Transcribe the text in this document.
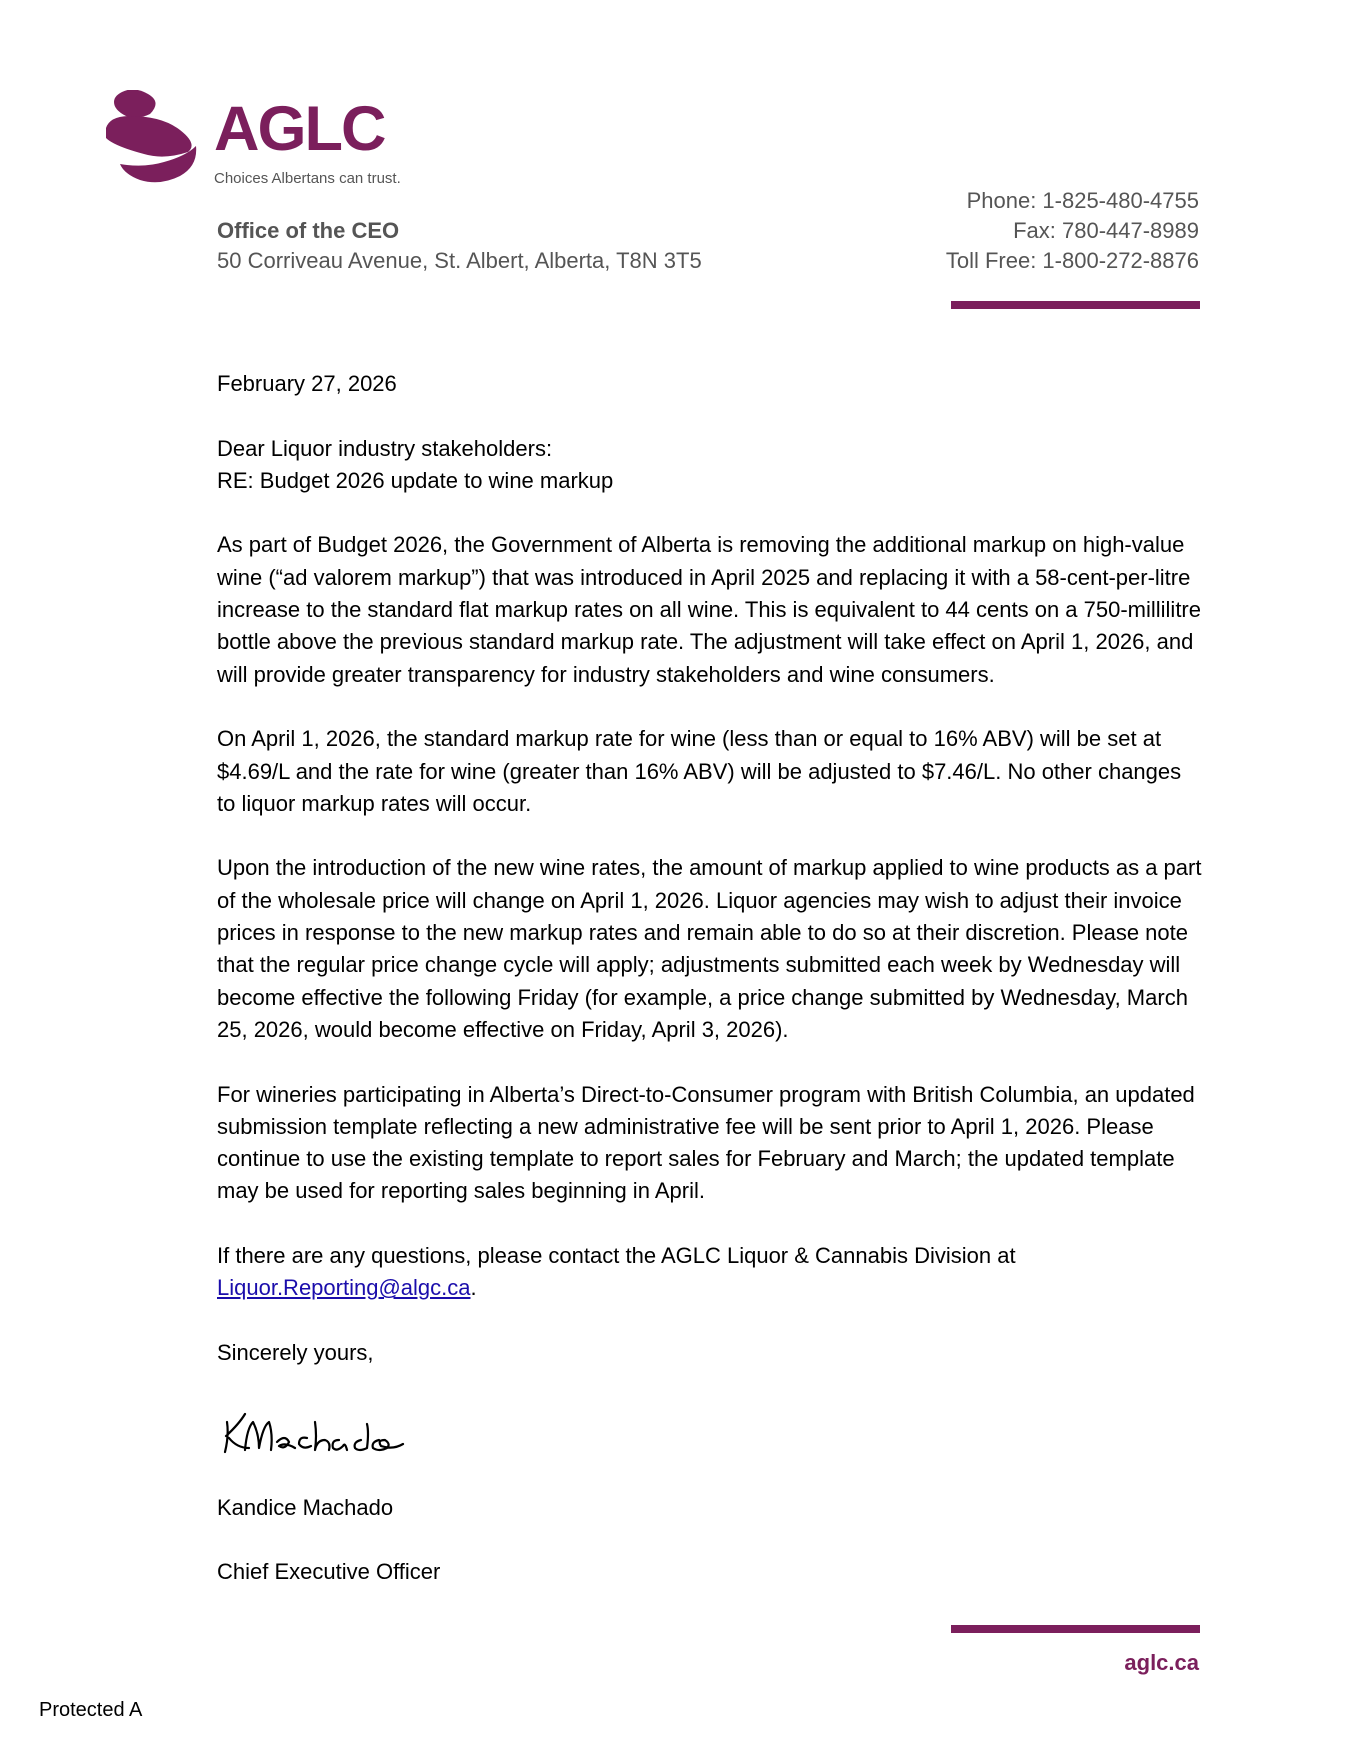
AGLC
Choices Albertans can trust.
Office of the CEO
50 Corriveau Avenue, St. Albert, Alberta, T8N 3T5
Phone: 1-825-480-4755
Fax: 780-447-8989
Toll Free: 1-800-272-8876

February 27, 2026

Dear Liquor industry stakeholders:

RE: Budget 2026 update to wine markup

As part of Budget 2026, the Government of Alberta is removing the additional markup on high-value wine (“ad valorem markup”) that was introduced in April 2025 and replacing it with a 58-cent-per-litre increase to the standard flat markup rates on all wine. This is equivalent to 44 cents on a 750-millilitre bottle above the previous standard markup rate. The adjustment will take effect on April 1, 2026, and will provide greater transparency for industry stakeholders and wine consumers.

On April 1, 2026, the standard markup rate for wine (less than or equal to 16% ABV) will be set at $4.69/L and the rate for wine (greater than 16% ABV) will be adjusted to $7.46/L. No other changes to liquor markup rates will occur.

Upon the introduction of the new wine rates, the amount of markup applied to wine products as a part of the wholesale price will change on April 1, 2026. Liquor agencies may wish to adjust their invoice prices in response to the new markup rates and remain able to do so at their discretion. Please note that the regular price change cycle will apply; adjustments submitted each week by Wednesday will become effective the following Friday (for example, a price change submitted by Wednesday, March 25, 2026, would become effective on Friday, April 3, 2026).

For wineries participating in Alberta’s Direct-to-Consumer program with British Columbia, an updated submission template reflecting a new administrative fee will be sent prior to April 1, 2026. Please continue to use the existing template to report sales for February and March; the updated template may be used for reporting sales beginning in April.

If there are any questions, please contact the AGLC Liquor & Cannabis Division at
Liquor.Reporting@algc.ca.

Sincerely yours,

Kandice Machado

Chief Executive Officer

aglc.ca
Protected A
